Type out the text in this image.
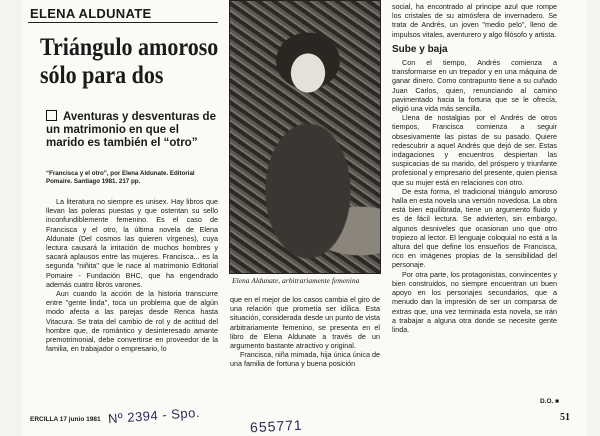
ELENA ALDUNATE
Triángulo amoroso
sólo para dos
Aventuras y desventuras de un matrimonio en que el marido es también el “otro”
“Francisca y el otro”, por Elena Aldunate. Editorial Pomaire. Santiago 1981. 217 pp.

La literatura no siempre es unisex. Hay libros que llevan las poleras puestas y que ostentan su sello inconfundiblemente femenino. Es el caso de Francisca y el otro, la última novela de Elena Aldunate (Del cosmos las quieren vírgenes), cuya lectura causará la irritación de muchos hombres y sacará aplausos entre las mujeres. Francisca... es la segunda "niñita" que le nace al matrimonio Editorial Pomaire - Fundación BHC, que ha engendrado además cuatro libros varones.

Aun cuando la acción de la historia transcurre entre "gente linda", toca un problema que de algún modo afecta a las parejas desde Renca hasta Vitacura. Se trata del cambio de rol y de actitud del hombre que, de romántico y desinteresado amante premotrimonial, debe convertirse en proveedor de la familia, en trabajador o empresario, lo

Elena Aldunate, arbitrariamente femenina

que en el mejor de los casos cambia el giro de una relación que prometía ser idílica. Esta situación, considerada desde un punto de vista arbitrariamente femenino, se presenta en el libro de Elena Aldunate a través de un argumento bastante atractivo y original.

Francisca, niña mimada, hija única única de una familia de fortuna y buena posición

social, ha encontrado al principe azul que rompe los cristales de su atmósfera de invernadero. Se trata de Andrés, un joven "medio pelo", lleno de impulsos vitales, aventurero y algo filósofo y artista.

Sube y baja

Con el tiempo, Andrés comienza a transformarse en un trepador y en una máquina de ganar dinero. Como contrapunto tiene a su cuñado Juan Carlos, quien, renunciando al camino pavimentado hacia la fortuna que se le ofrecía, eligió una vida más sencilla.

Llena de nostalgias por el Andrés de otros tiempos, Francisca comienza a seguir obsesivamente las pistas de su pasado. Quiere redescubrir a aquel Andrés que dejó de ser. Estas indagaciones y encuentros despiertan las suspicacias de su marido, del próspero y triunfante profesional y empresario del presente, quien piensa que su mujer está en relaciones con otro.

De esta forma, el tradicional triángulo amoroso halla en esta novela una versión novedosa. La obra está bien equilibrada, tiene un argumento fluido y es de fácil lectura. Se advierten, sin embargo, algunos desniveles que ocasionan uno que otro tropiezo al lector. El lenguaje coloquial no está a la altura del que define los ensueños de Francisca, rico en imágenes propias de la sensibilidad del personaje.

Por otra parte, los protagonistas, convincentes y bien construidos, no siempre encuentran un buen apoyo en los personajes secundarios, que a menudo dan la impresión de ser un comparsa de extras que, una vez terminada esta novela, se irán a trabajar a alguna otra donde se necesite gente linda.

D.O. ■
ERCILLA 17 junio 1981 Nº 2394 - Spo.	655771	51
